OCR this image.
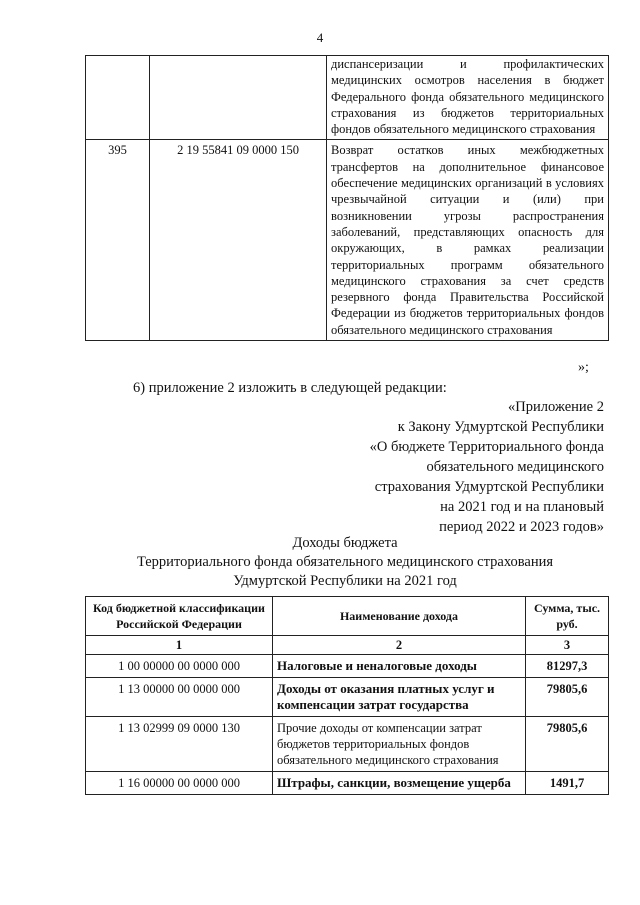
4
		диспансеризации и профилактических медицинских осмотров населения в бюджет Федерального фонда обязательного медицинского страхования из бюджетов территориальных фондов обязательного медицинского страхования
395	2 19 55841 09 0000 150	Возврат остатков иных межбюджетных трансфертов на дополнительное финансовое обеспечение медицинских организаций в условиях чрезвычайной ситуации и (или) при возникновении угрозы распространения заболеваний, представляющих опасность для окружающих, в рамках реализации территориальных программ обязательного медицинского страхования за счет средств резервного фонда Правительства Российской Федерации из бюджетов территориальных фондов обязательного медицинского страхования
»;
6) приложение 2 изложить в следующей редакции:
«Приложение 2
к Закону Удмуртской Республики
«О бюджете Территориального фонда
обязательного медицинского
страхования Удмуртской Республики
на 2021 год и на плановый
период 2022 и 2023 годов»
Доходы бюджета
Территориального фонда обязательного медицинского страхования
Удмуртской Республики на 2021 год
Код бюджетной классификации Российской Федерации	Наименование дохода	Сумма, тыс. руб.
1	2	3
1 00 00000 00 0000 000	Налоговые и неналоговые доходы	81297,3
1 13 00000 00 0000 000	Доходы от оказания платных услуг и компенсации затрат государства	79805,6
1 13 02999 09 0000 130	Прочие доходы от компенсации затрат бюджетов территориальных фондов обязательного медицинского страхования	79805,6
1 16 00000 00 0000 000	Штрафы, санкции, возмещение ущерба	1491,7
